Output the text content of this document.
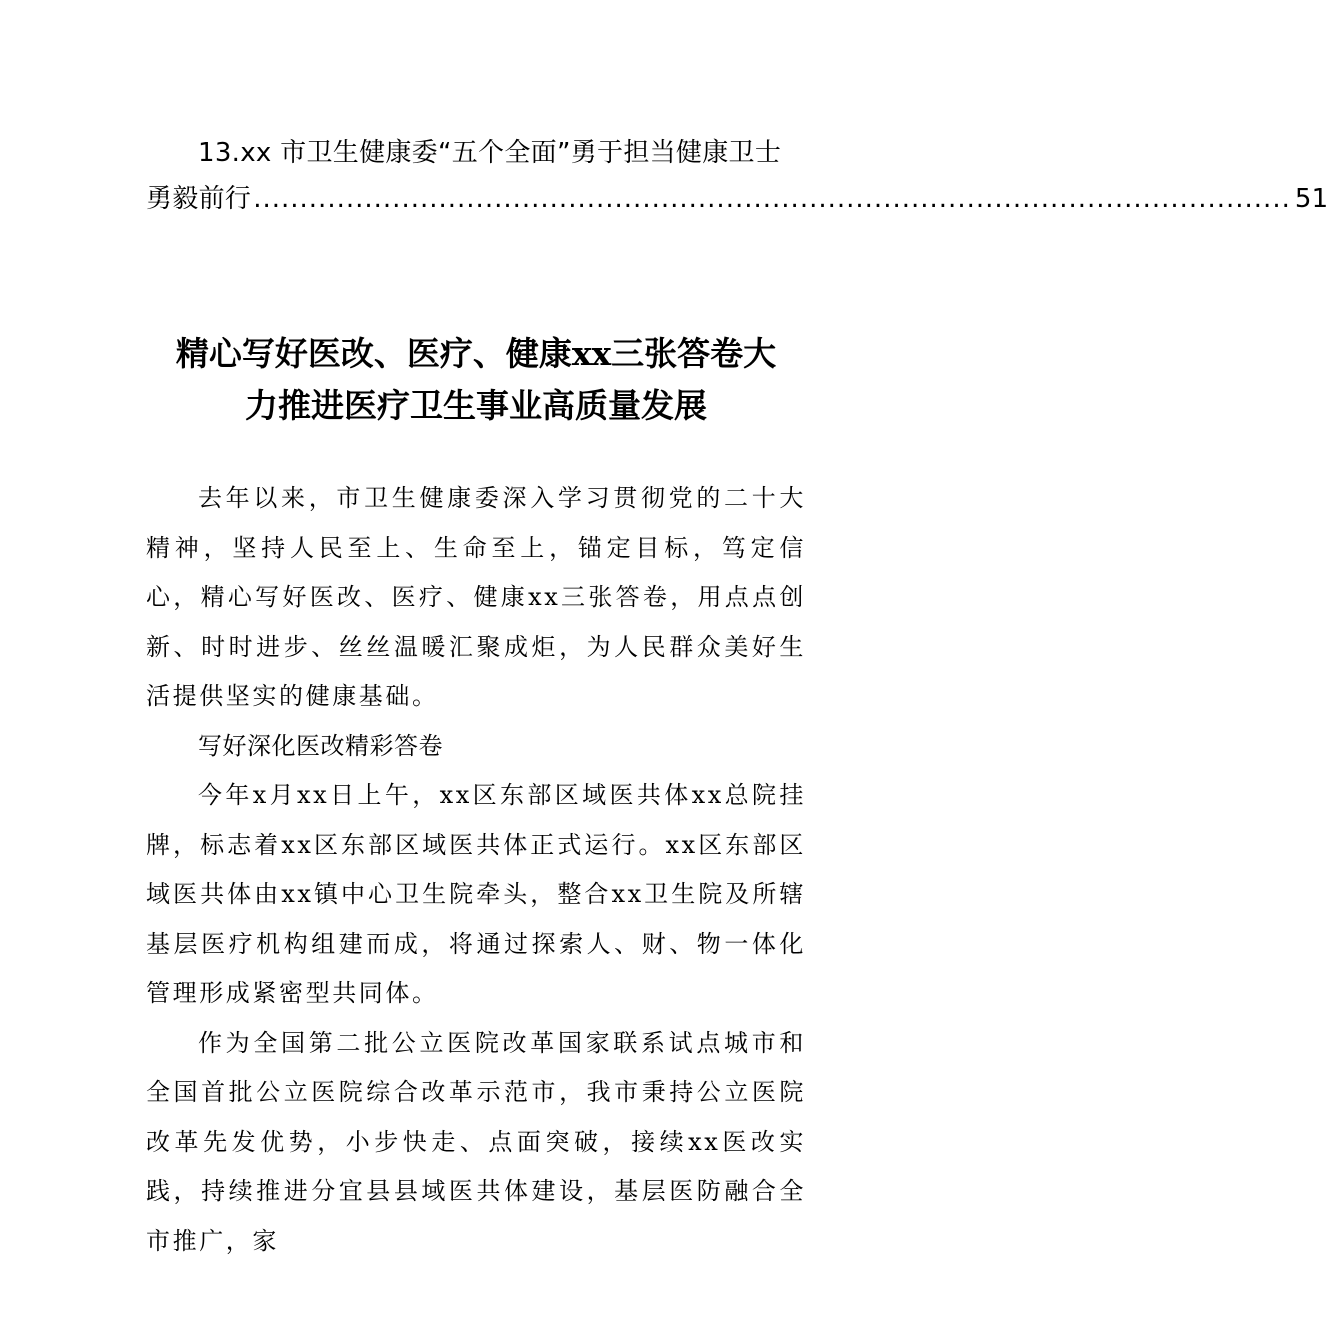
13.xx 市卫生健康委“五个全面”勇于担当健康卫士
勇毅前行 ................................................................................................................ 51
精心写好医改、医疗、健康xx三张答卷大
力推进医疗卫生事业高质量发展

去年以来，市卫生健康委深入学习贯彻党的二十大精神，坚持人民至上、生命至上，锚定目标，笃定信心，精心写好医改、医疗、健康xx三张答卷，用点点创新、时时进步、丝丝温暖汇聚成炬，为人民群众美好生活提供坚实的健康基础。

写好深化医改精彩答卷

今年x月xx日上午，xx区东部区域医共体xx总院挂牌，标志着xx区东部区域医共体正式运行。xx区东部区域医共体由xx镇中心卫生院牵头，整合xx卫生院及所辖基层医疗机构组建而成，将通过探索人、财、物一体化管理形成紧密型共同体。

作为全国第二批公立医院改革国家联系试点城市和全国首批公立医院综合改革示范市，我市秉持公立医院改革先发优势，小步快走、点面突破，接续xx医改实践，持续推进分宜县县域医共体建设，基层医防融合全市推广，家
